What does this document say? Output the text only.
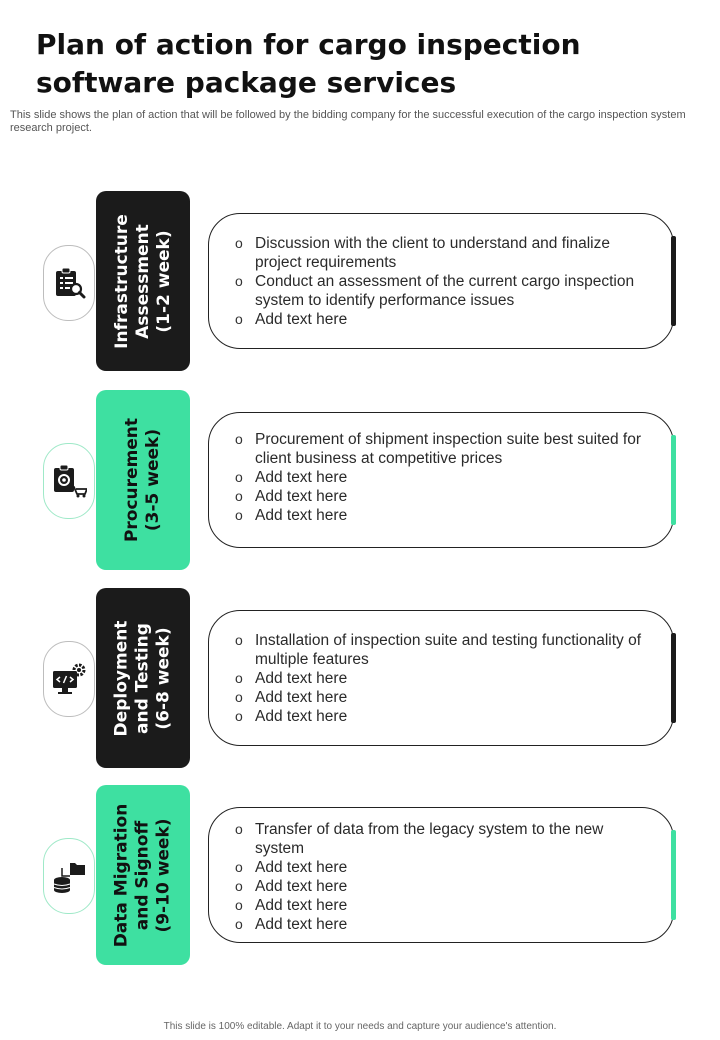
Plan of action for cargo inspection software package services

This slide shows the plan of action that will be followed by the bidding company for the successful execution of the cargo inspection system research project.

Infrastructure Assessment (1-2 week)	o Discussion with the client to understand and finalize project requirements
o Conduct an assessment of the current cargo inspection system to identify performance issues
o Add text here
Procurement (3-5 week)	o Procurement of shipment inspection suite best suited for client business at competitive prices
o Add text here
o Add text here
o Add text here
Deployment and Testing (6-8 week)	o Installation of inspection suite and testing functionality of multiple features
o Add text here
o Add text here
o Add text here
Data Migration and Signoff (9-10 week)	o Transfer of data from the legacy system to the new system
o Add text here
o Add text here
o Add text here
o Add text here

This slide is 100% editable. Adapt it to your needs and capture your audience's attention.
